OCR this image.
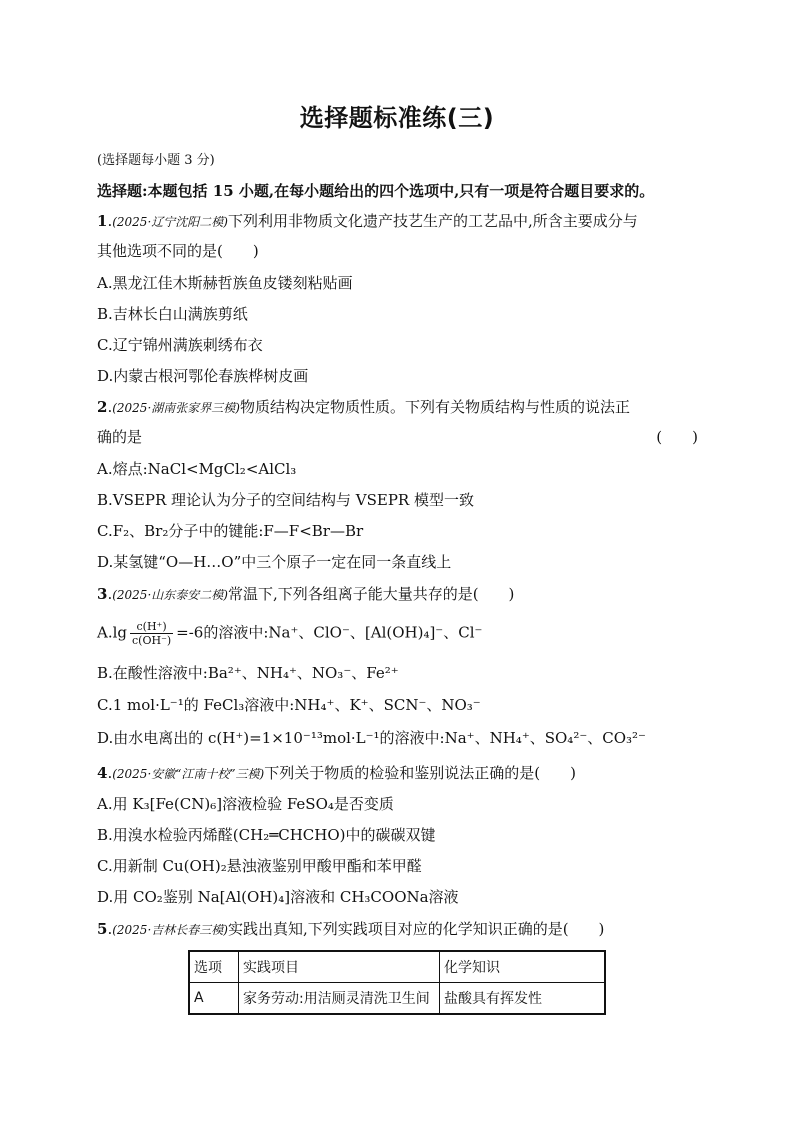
选择题标准练(三)
(选择题每小题 3 分)
选择题:本题包括 15 小题,在每小题给出的四个选项中,只有一项是符合题目要求的。
1.(2025·辽宁沈阳二模)下列利用非物质文化遗产技艺生产的工艺品中,所含主要成分与
其他选项不同的是(　　)
A.黑龙江佳木斯赫哲族鱼皮镂刻粘贴画
B.吉林长白山满族剪纸
C.辽宁锦州满族刺绣布衣
D.内蒙古根河鄂伦春族桦树皮画
2.(2025·湖南张家界三模)物质结构决定物质性质。下列有关物质结构与性质的说法正
确的是	(　　)
A.熔点:NaCl<MgCl₂<AlCl₃
B.VSEPR 理论认为分子的空间结构与 VSEPR 模型一致
C.F₂、Br₂分子中的键能:F—F<Br—Br
D.某氢键“O—H…O”中三个原子一定在同一条直线上
3.(2025·山东泰安二模)常温下,下列各组离子能大量共存的是(　　)
$A.\lg \frac{c(H^+)}{c(OH^-)} =-6$的溶液中:Na⁺、ClO⁻、[Al(OH)₄]⁻、Cl⁻
B.在酸性溶液中:Ba²⁺、NH₄⁺、NO₃⁻、Fe²⁺
C.1 mol·L⁻¹的 FeCl₃溶液中:NH₄⁺、K⁺、SCN⁻、NO₃⁻
D.由水电离出的 c(H⁺)=1×10⁻¹³mol·L⁻¹的溶液中:Na⁺、NH₄⁺、SO₄²⁻、CO₃²⁻
4.(2025·安徽“江南十校”三模)下列关于物质的检验和鉴别说法正确的是(　　)
A.用 K₃[Fe(CN)₆]溶液检验 FeSO₄是否变质
B.用溴水检验丙烯醛(CH₂═CHCHO)中的碳碳双键
C.用新制 Cu(OH)₂悬浊液鉴别甲酸甲酯和苯甲醛
D.用 CO₂鉴别 Na[Al(OH)₄]溶液和 CH₃COONa溶液
5.(2025·吉林长春三模)实践出真知,下列实践项目对应的化学知识正确的是(　　)
选项	实践项目	化学知识
A	家务劳动:用洁厕灵清洗卫生间	盐酸具有挥发性
